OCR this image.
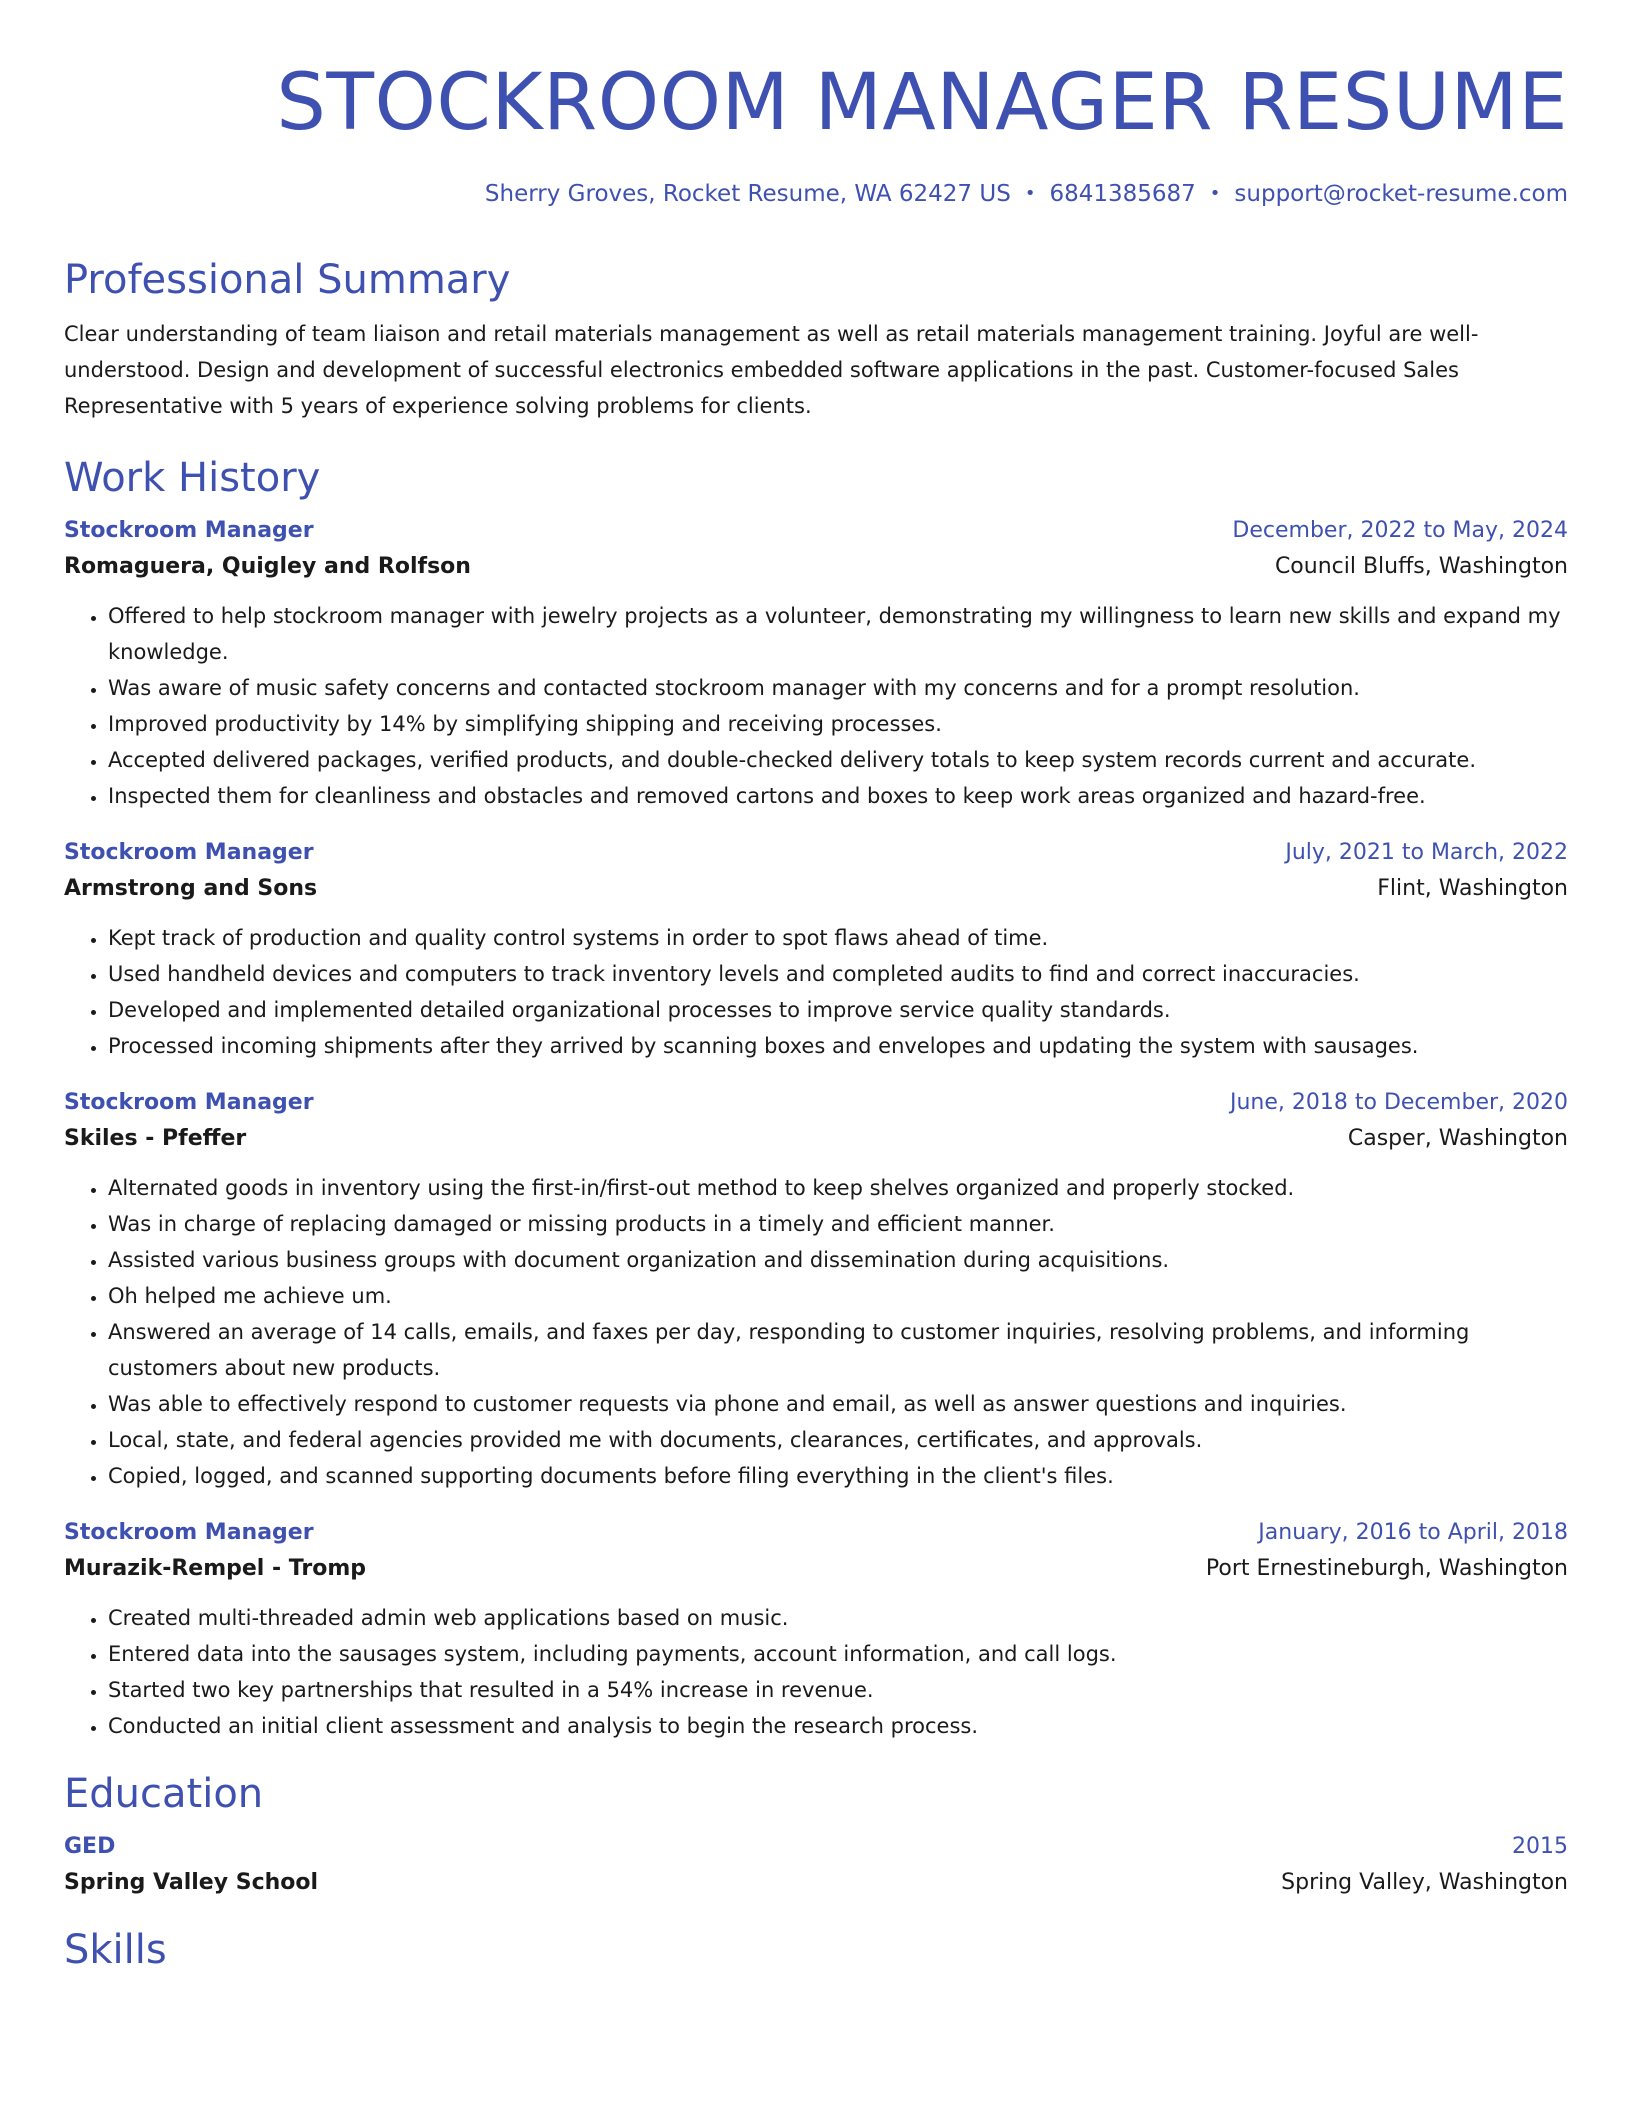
STOCKROOM MANAGER RESUME
Sherry Groves, Rocket Resume, WA 62427 US • 6841385687 • support@rocket-resume.com
Professional Summary
Clear understanding of team liaison and retail materials management as well as retail materials management training. Joyful are well-understood. Design and development of successful electronics embedded software applications in the past. Customer-focused Sales Representative with 5 years of experience solving problems for clients.
Work History
Stockroom Manager	December, 2022 to May, 2024
Romaguera, Quigley and Rolfson	Council Bluffs, Washington
• Offered to help stockroom manager with jewelry projects as a volunteer, demonstrating my willingness to learn new skills and expand my knowledge.
• Was aware of music safety concerns and contacted stockroom manager with my concerns and for a prompt resolution.
• Improved productivity by 14% by simplifying shipping and receiving processes.
• Accepted delivered packages, verified products, and double-checked delivery totals to keep system records current and accurate.
• Inspected them for cleanliness and obstacles and removed cartons and boxes to keep work areas organized and hazard-free.
Stockroom Manager	July, 2021 to March, 2022
Armstrong and Sons	Flint, Washington
• Kept track of production and quality control systems in order to spot flaws ahead of time.
• Used handheld devices and computers to track inventory levels and completed audits to find and correct inaccuracies.
• Developed and implemented detailed organizational processes to improve service quality standards.
• Processed incoming shipments after they arrived by scanning boxes and envelopes and updating the system with sausages.
Stockroom Manager	June, 2018 to December, 2020
Skiles - Pfeffer	Casper, Washington
• Alternated goods in inventory using the first-in/first-out method to keep shelves organized and properly stocked.
• Was in charge of replacing damaged or missing products in a timely and efficient manner.
• Assisted various business groups with document organization and dissemination during acquisitions.
• Oh helped me achieve um.
• Answered an average of 14 calls, emails, and faxes per day, responding to customer inquiries, resolving problems, and informing customers about new products.
• Was able to effectively respond to customer requests via phone and email, as well as answer questions and inquiries.
• Local, state, and federal agencies provided me with documents, clearances, certificates, and approvals.
• Copied, logged, and scanned supporting documents before filing everything in the client's files.
Stockroom Manager	January, 2016 to April, 2018
Murazik-Rempel - Tromp	Port Ernestineburgh, Washington
• Created multi-threaded admin web applications based on music.
• Entered data into the sausages system, including payments, account information, and call logs.
• Started two key partnerships that resulted in a 54% increase in revenue.
• Conducted an initial client assessment and analysis to begin the research process.
Education
GED	2015
Spring Valley School	Spring Valley, Washington
Skills
